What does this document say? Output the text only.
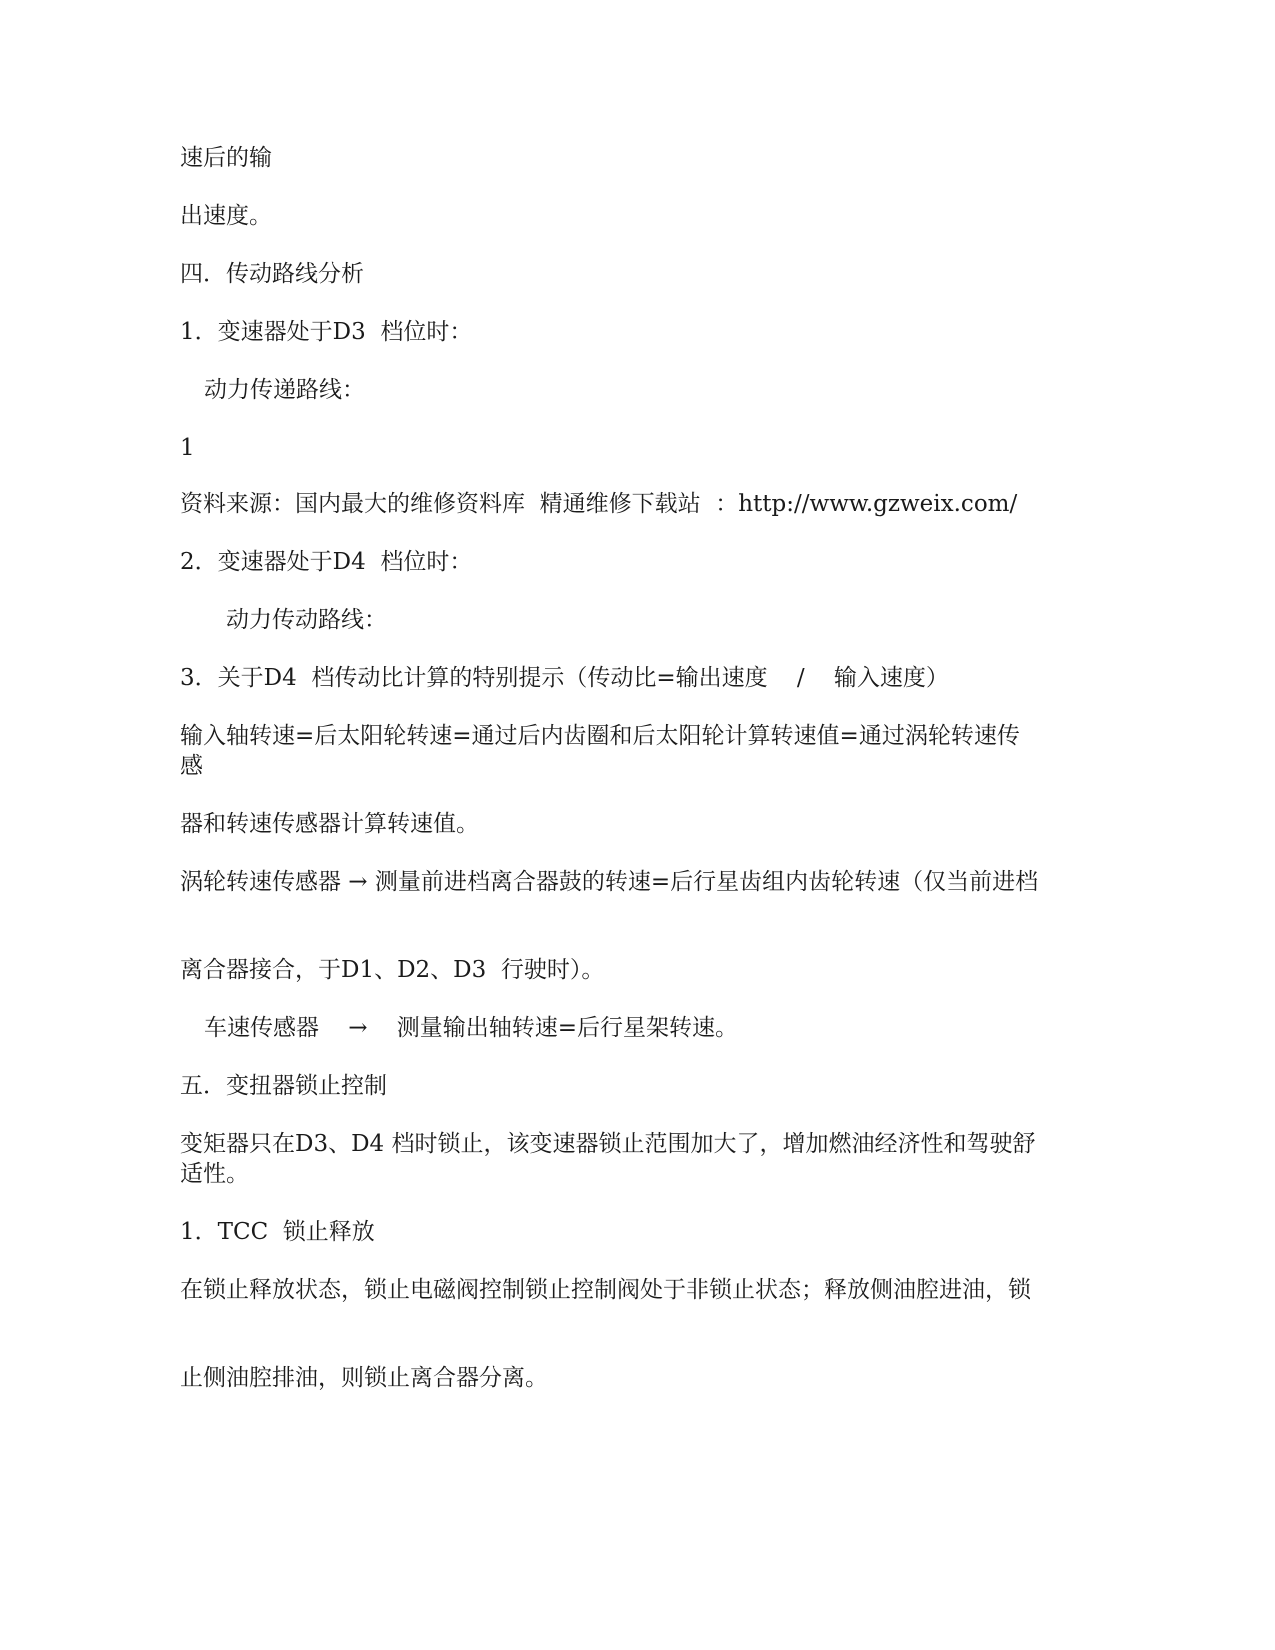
速后的输

出速度。

四．传动路线分析

1．变速器处于D3  档位时：

动力传递路线：

1

资料来源：国内最大的维修资料库  精通维修下载站  ：http://www.gzweix.com/

2．变速器处于D4  档位时：

动力传动路线：

3．关于D4  档传动比计算的特别提示（传动比=输出速度    /    输入速度）

输入轴转速=后太阳轮转速=通过后内齿圈和后太阳轮计算转速值=通过涡轮转速传感

器和转速传感器计算转速值。

涡轮转速传感器 → 测量前进档离合器鼓的转速=后行星齿组内齿轮转速（仅当前进档

离合器接合，于D1、D2、D3  行驶时）。

车速传感器    →    测量输出轴转速=后行星架转速。

五．变扭器锁止控制

变矩器只在D3、D4 档时锁止，该变速器锁止范围加大了，增加燃油经济性和驾驶舒适性。

1．TCC  锁止释放

在锁止释放状态，锁止电磁阀控制锁止控制阀处于非锁止状态；释放侧油腔进油，锁

止侧油腔排油，则锁止离合器分离。
